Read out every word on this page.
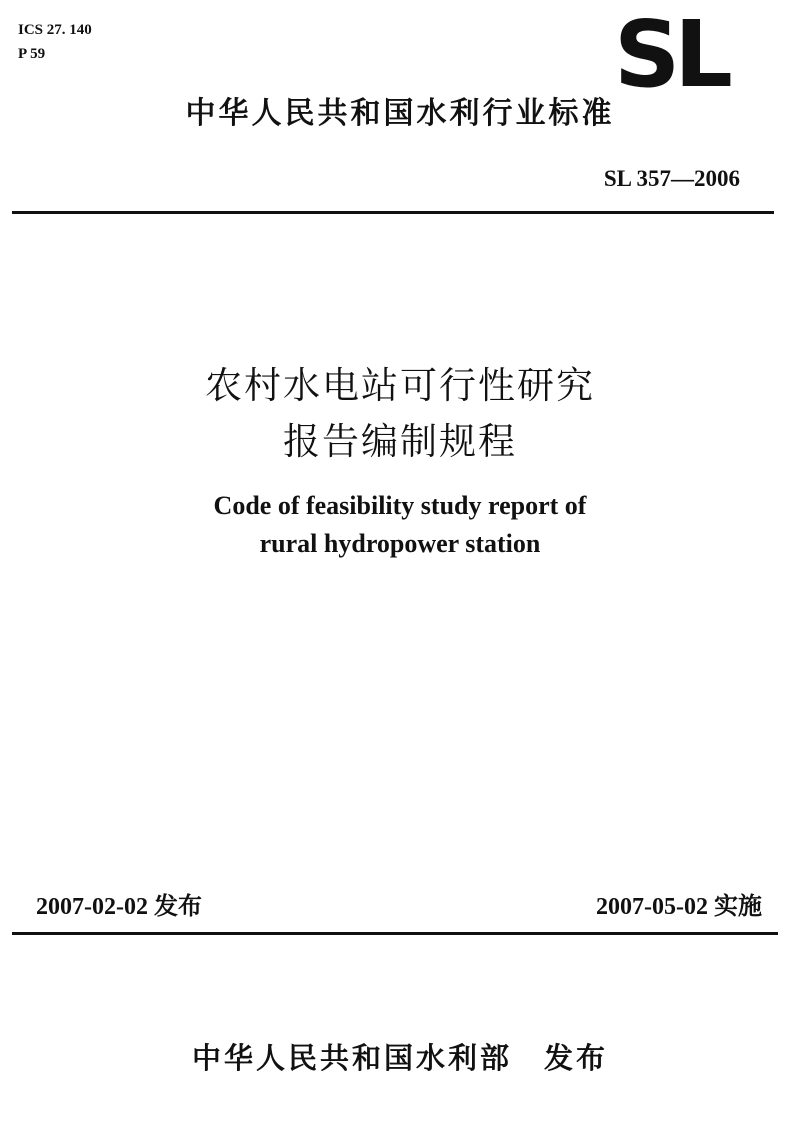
ICS 27. 140
P 59	SL
中华人民共和国水利行业标准
SL 357—2006
农村水电站可行性研究
报告编制规程
Code of feasibility study report of
rural hydropower station
2007-02-02 发布	2007-05-02 实施
中华人民共和国水利部　发布
